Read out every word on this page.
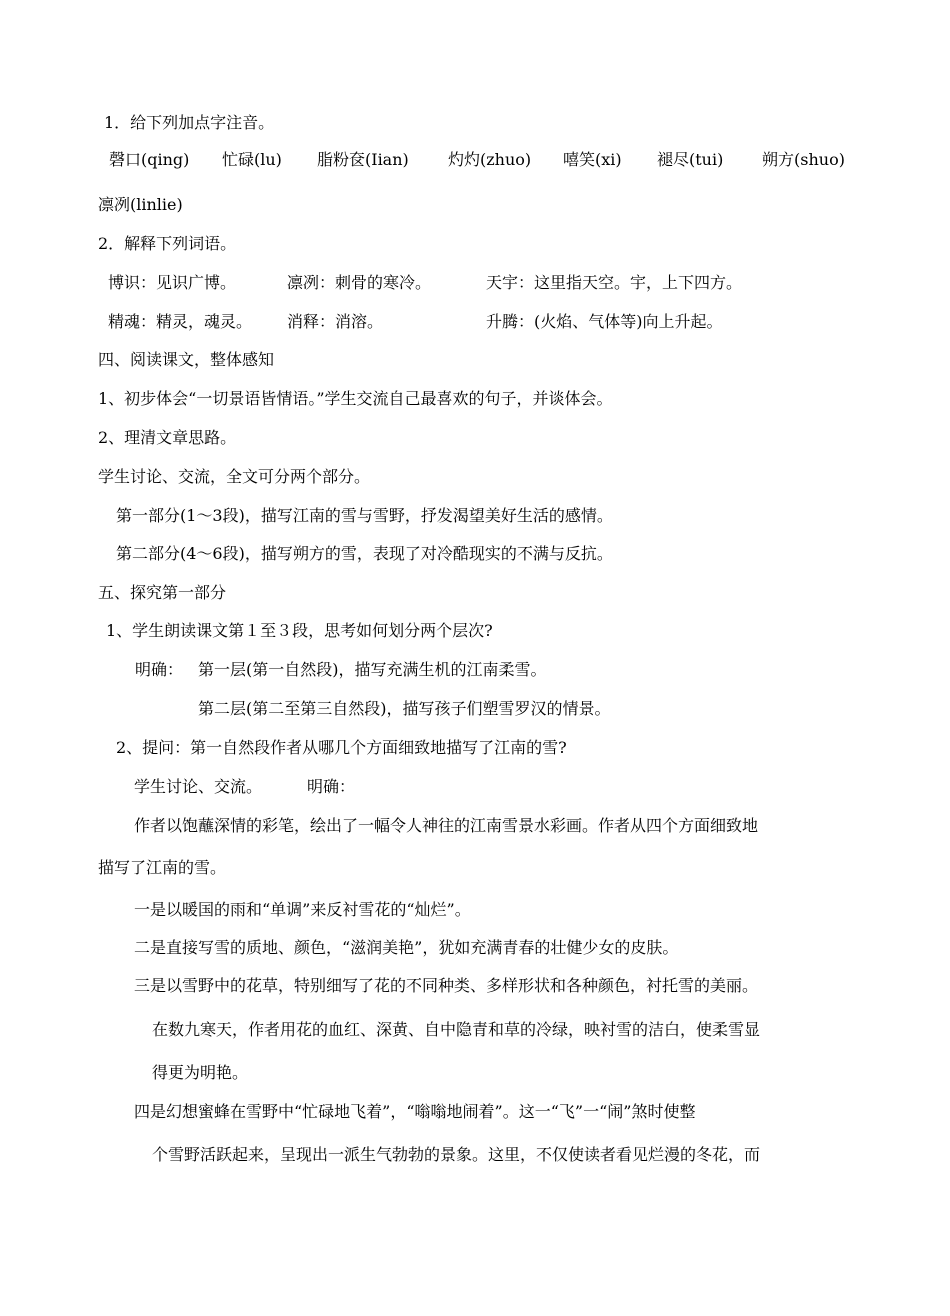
1．给下列加点字注音。
磬口(qing) 忙碌(lu) 脂粉奁(Iian) 灼灼(zhuo) 嘻笑(xi) 褪尽(tui) 朔方(shuo)
凛冽(linlie)
2．解释下列词语。
博识：见识广博。	凛冽：刺骨的寒冷。	天宇：这里指天空。宇，上下四方。
精魂：精灵，魂灵。 消释：消溶。	升腾：(火焰、气体等)向上升起。
四、阅读课文，整体感知
1、初步体会“一切景语皆情语。”学生交流自己最喜欢的句子，并谈体会。
2、理清文章思路。
学生讨论、交流，全文可分两个部分。
第一部分(1～3段)，描写江南的雪与雪野，抒发渴望美好生活的感情。
第二部分(4～6段)，描写朔方的雪，表现了对冷酷现实的不满与反抗。
五、探究第一部分
1、学生朗读课文第１至３段，思考如何划分两个层次?
明确： 第一层(第一自然段)，描写充满生机的江南柔雪。
第二层(第二至第三自然段)，描写孩子们塑雪罗汉的情景。
2、提问：第一自然段作者从哪几个方面细致地描写了江南的雪?
学生讨论、交流。	明确：
作者以饱蘸深情的彩笔，绘出了一幅令人神往的江南雪景水彩画。作者从四个方面细致地
描写了江南的雪。
一是以暖国的雨和“单调”来反衬雪花的“灿烂”。
二是直接写雪的质地、颜色，“滋润美艳”，犹如充满青春的壮健少女的皮肤。
三是以雪野中的花草，特别细写了花的不同种类、多样形状和各种颜色，衬托雪的美丽。
在数九寒天，作者用花的血红、深黄、自中隐青和草的冷绿，映衬雪的洁白，使柔雪显
得更为明艳。
四是幻想蜜蜂在雪野中“忙碌地飞着”，“嗡嗡地闹着”。这一“飞”一“闹”煞时使整
个雪野活跃起来，呈现出一派生气勃勃的景象。这里，不仅使读者看见烂漫的冬花，而
